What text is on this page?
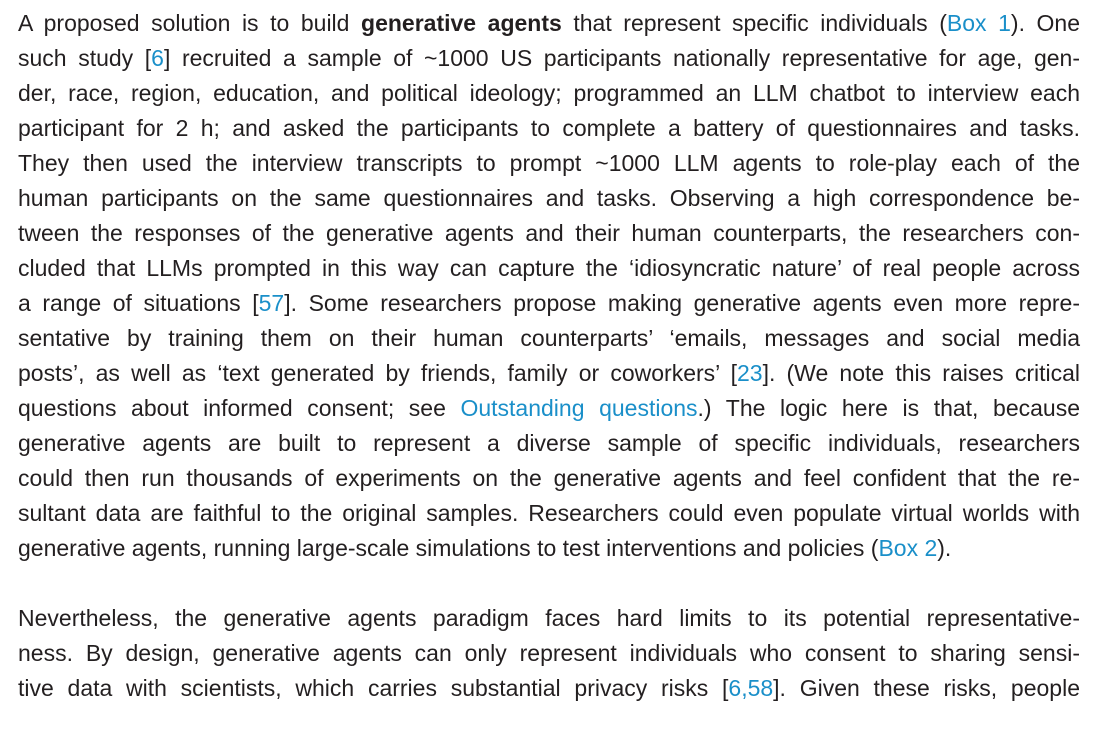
A proposed solution is to build generative agents that represent specific individuals (Box 1). One
such study [6] recruited a sample of ~1000 US participants nationally representative for age, gen-
der, race, region, education, and political ideology; programmed an LLM chatbot to interview each
participant for 2 h; and asked the participants to complete a battery of questionnaires and tasks.
They then used the interview transcripts to prompt ~1000 LLM agents to role-play each of the
human participants on the same questionnaires and tasks. Observing a high correspondence be-
tween the responses of the generative agents and their human counterparts, the researchers con-
cluded that LLMs prompted in this way can capture the ‘idiosyncratic nature’ of real people across
a range of situations [57]. Some researchers propose making generative agents even more repre-
sentative by training them on their human counterparts’ ‘emails, messages and social media
posts’, as well as ‘text generated by friends, family or coworkers’ [23]. (We note this raises critical
questions about informed consent; see Outstanding questions.) The logic here is that, because
generative agents are built to represent a diverse sample of specific individuals, researchers
could then run thousands of experiments on the generative agents and feel confident that the re-
sultant data are faithful to the original samples. Researchers could even populate virtual worlds with
generative agents, running large-scale simulations to test interventions and policies (Box 2).
Nevertheless, the generative agents paradigm faces hard limits to its potential representative-
ness. By design, generative agents can only represent individuals who consent to sharing sensi-
tive data with scientists, which carries substantial privacy risks [6,58]. Given these risks, people
